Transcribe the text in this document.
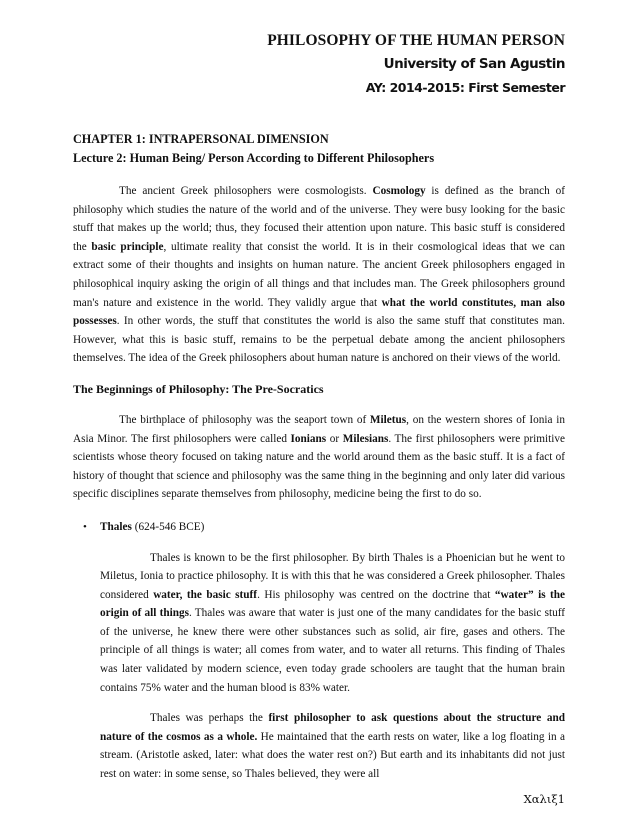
PHILOSOPHY OF THE HUMAN PERSON
University of San Agustin
AY: 2014-2015: First Semester
CHAPTER 1: INTRAPERSONAL DIMENSION
Lecture 2: Human Being/ Person According to Different Philosophers

The ancient Greek philosophers were cosmologists. Cosmology is defined as the branch of philosophy which studies the nature of the world and of the universe. They were busy looking for the basic stuff that makes up the world; thus, they focused their attention upon nature. This basic stuff is considered the basic principle, ultimate reality that consist the world. It is in their cosmological ideas that we can extract some of their thoughts and insights on human nature. The ancient Greek philosophers engaged in philosophical inquiry asking the origin of all things and that includes man. The Greek philosophers ground man's nature and existence in the world. They validly argue that what the world constitutes, man also possesses. In other words, the stuff that constitutes the world is also the same stuff that constitutes man. However, what this is basic stuff, remains to be the perpetual debate among the ancient philosophers themselves. The idea of the Greek philosophers about human nature is anchored on their views of the world.

The Beginnings of Philosophy: The Pre-Socratics

The birthplace of philosophy was the seaport town of Miletus, on the western shores of Ionia in Asia Minor. The first philosophers were called Ionians or Milesians. The first philosophers were primitive scientists whose theory focused on taking nature and the world around them as the basic stuff. It is a fact of history of thought that science and philosophy was the same thing in the beginning and only later did various specific disciplines separate themselves from philosophy, medicine being the first to do so.

•	Thales (624-546 BCE)

Thales is known to be the first philosopher. By birth Thales is a Phoenician but he went to Miletus, Ionia to practice philosophy. It is with this that he was considered a Greek philosopher. Thales considered water, the basic stuff. His philosophy was centred on the doctrine that “water” is the origin of all things. Thales was aware that water is just one of the many candidates for the basic stuff of the universe, he knew there were other substances such as solid, air fire, gases and others. The principle of all things is water; all comes from water, and to water all returns. This finding of Thales was later validated by modern science, even today grade schoolers are taught that the human brain contains 75% water and the human blood is 83% water.

Thales was perhaps the first philosopher to ask questions about the structure and nature of the cosmos as a whole. He maintained that the earth rests on water, like a log floating in a stream. (Aristotle asked, later: what does the water rest on?) But earth and its inhabitants did not just rest on water: in some sense, so Thales believed, they were all

Χαλιξ1
